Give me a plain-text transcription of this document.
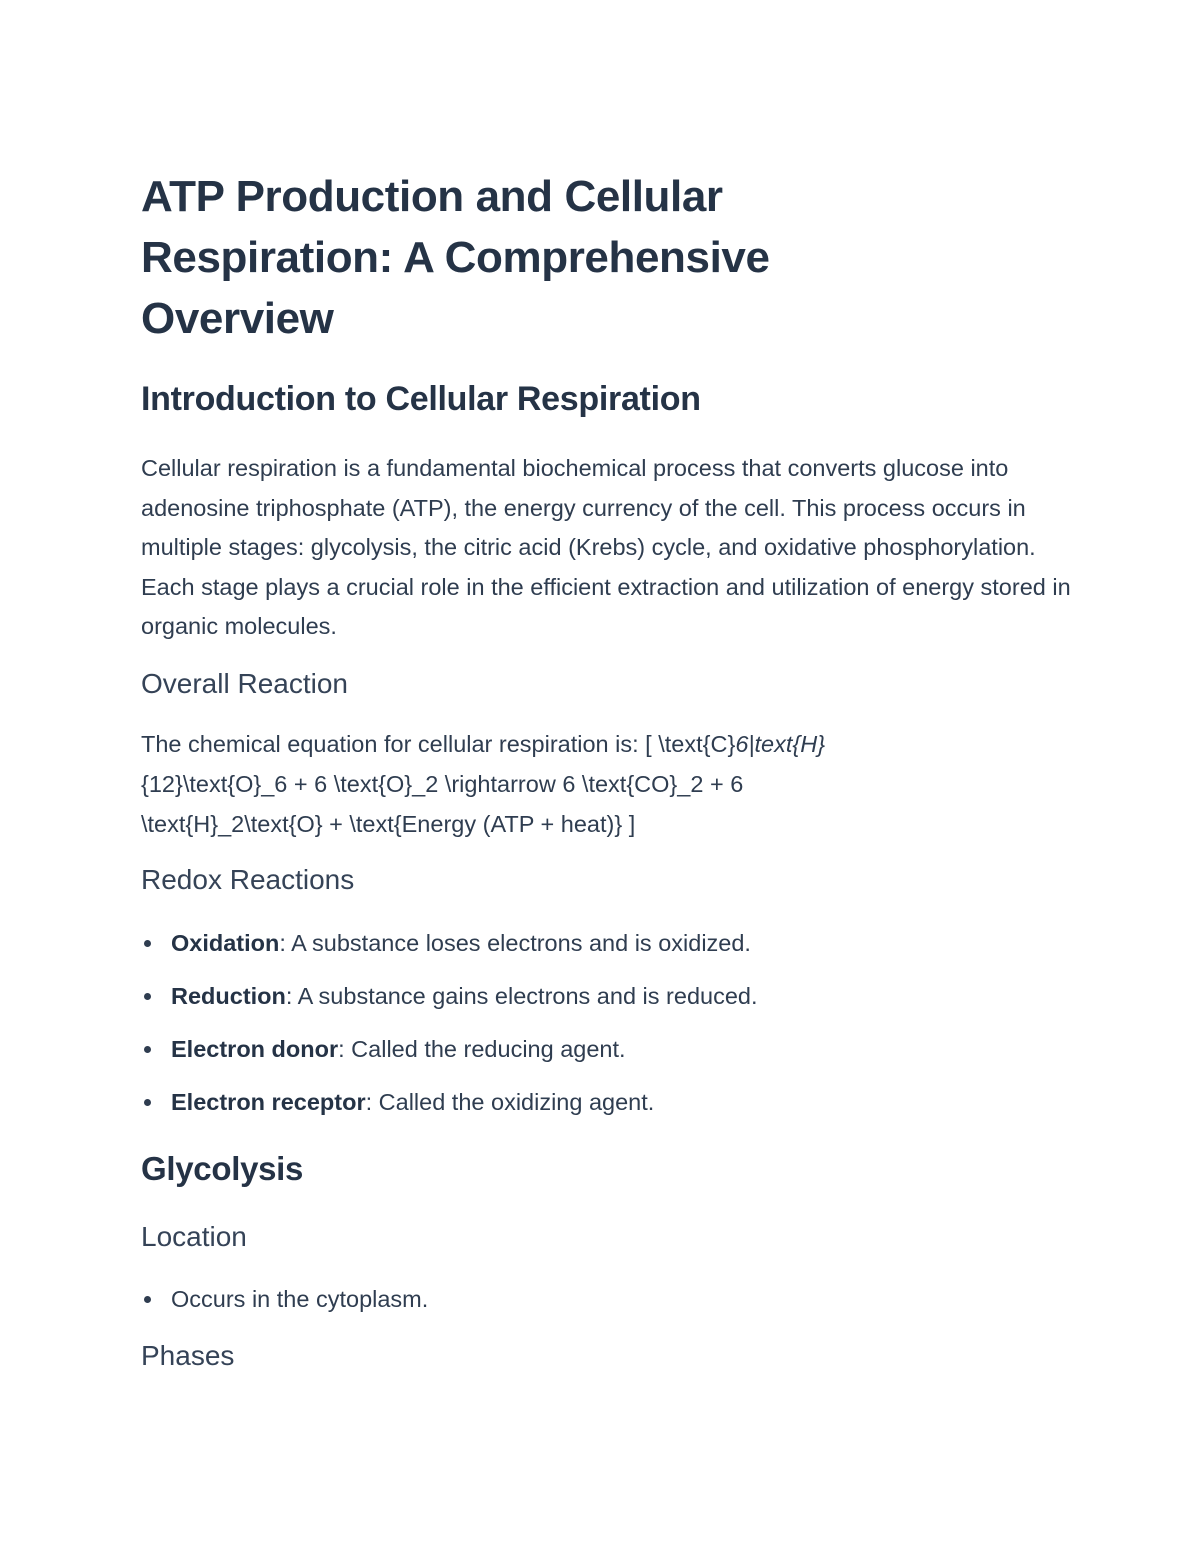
ATP Production and Cellular Respiration: A Comprehensive Overview
Introduction to Cellular Respiration

Cellular respiration is a fundamental biochemical process that converts glucose into adenosine triphosphate (ATP), the energy currency of the cell. This process occurs in multiple stages: glycolysis, the citric acid (Krebs) cycle, and oxidative phosphorylation. Each stage plays a crucial role in the efficient extraction and utilization of energy stored in organic molecules.

Overall Reaction

The chemical equation for cellular respiration is: [ \text{C}6|text{H} {12}\text{O}_6 + 6 \text{O}_2 \rightarrow 6 \text{CO}_2 + 6 \text{H}_2\text{O} + \text{Energy (ATP + heat)} ]

Redox Reactions
Oxidation: A substance loses electrons and is oxidized.
Reduction: A substance gains electrons and is reduced.
Electron donor: Called the reducing agent.
Electron receptor: Called the oxidizing agent.
Glycolysis
Location
Occurs in the cytoplasm.
Phases
